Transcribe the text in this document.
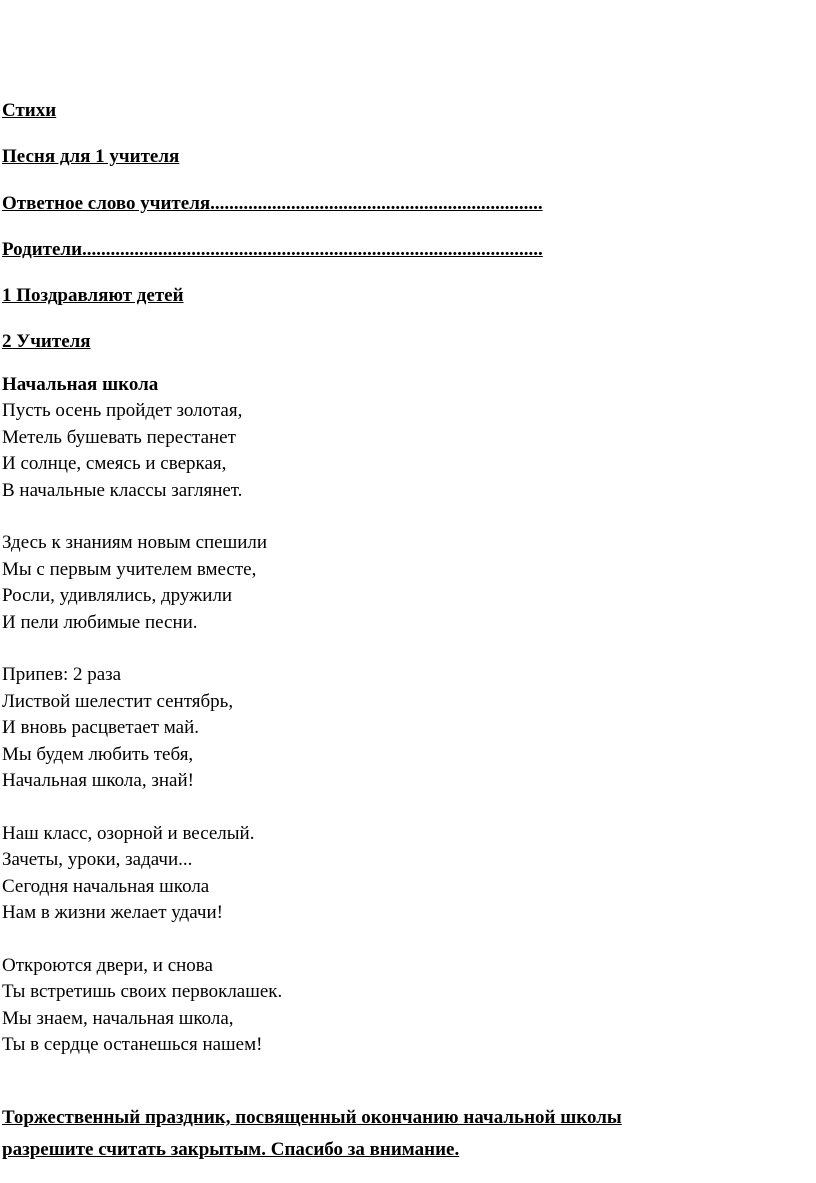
Стихи
Песня для 1 учителя
Ответное слово учителя......................................................................
Родители.................................................................................................
1 Поздравляют детей
2 Учителя
Начальная школа
Пусть осень пройдет золотая,
Метель бушевать перестанет
И солнце, смеясь и сверкая,
В начальные классы заглянет.
Здесь к знаниям новым спешили
Мы с первым учителем вместе,
Росли, удивлялись, дружили
И пели любимые песни.
Припев: 2 раза
Листвой шелестит сентябрь,
И вновь расцветает май.
Мы будем любить тебя,
Начальная школа, знай!
Наш класс, озорной и веселый.
Зачеты, уроки, задачи...
Сегодня начальная школа
Нам в жизни желает удачи!
Откроются двери, и снова
Ты встретишь своих первоклашек.
Мы знаем, начальная школа,
Ты в сердце останешься нашем!
Торжественный праздник, посвященный окончанию начальной школы
разрешите считать закрытым. Спасибо за внимание.
